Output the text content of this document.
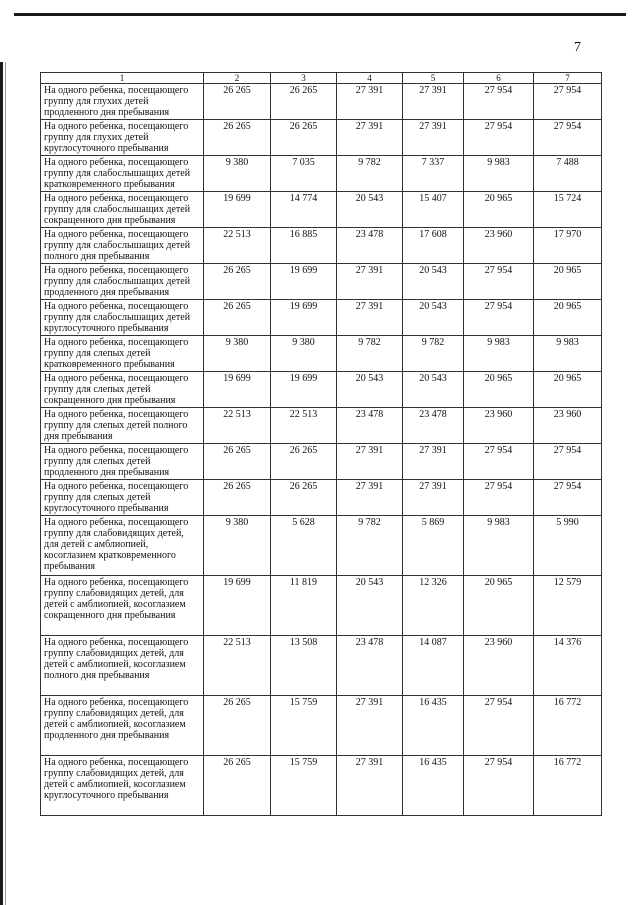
7
1	2	3	4	5	6	7
На одного ребенка, посещающего группу для глухих детей продленного дня пребывания	26 265	26 265	27 391	27 391	27 954	27 954
На одного ребенка, посещающего группу для глухих детей круглосуточного пребывания	26 265	26 265	27 391	27 391	27 954	27 954
На одного ребенка, посещающего группу для слабослышащих детей кратковременного пребывания	9 380	7 035	9 782	7 337	9 983	7 488
На одного ребенка, посещающего группу для слабослышащих детей сокращенного дня пребывания	19 699	14 774	20 543	15 407	20 965	15 724
На одного ребенка, посещающего группу для слабослышащих детей полного дня пребывания	22 513	16 885	23 478	17 608	23 960	17 970
На одного ребенка, посещающего группу для слабослышащих детей продленного дня пребывания	26 265	19 699	27 391	20 543	27 954	20 965
На одного ребенка, посещающего группу для слабослышащих детей круглосуточного пребывания	26 265	19 699	27 391	20 543	27 954	20 965
На одного ребенка, посещающего группу для слепых детей кратковременного пребывания	9 380	9 380	9 782	9 782	9 983	9 983
На одного ребенка, посещающего группу для слепых детей сокращенного дня пребывания	19 699	19 699	20 543	20 543	20 965	20 965
На одного ребенка, посещающего группу для слепых детей полного дня пребывания	22 513	22 513	23 478	23 478	23 960	23 960
На одного ребенка, посещающего группу для слепых детей продленного дня пребывания	26 265	26 265	27 391	27 391	27 954	27 954
На одного ребенка, посещающего группу для слепых детей круглосуточного пребывания	26 265	26 265	27 391	27 391	27 954	27 954
На одного ребенка, посещающего группу для слабовидящих детей, для детей с амблиопией, косоглазием кратковременного пребывания	9 380	5 628	9 782	5 869	9 983	5 990
На одного ребенка, посещающего группу слабовидящих детей, для детей с амблиопией, косоглазием сокращенного дня пребывания	19 699	11 819	20 543	12 326	20 965	12 579
На одного ребенка, посещающего группу слабовидящих детей, для детей с амблиопией, косоглазием полного дня пребывания	22 513	13 508	23 478	14 087	23 960	14 376
На одного ребенка, посещающего группу слабовидящих детей, для детей с амблиопией, косоглазием продленного дня пребывания	26 265	15 759	27 391	16 435	27 954	16 772
На одного ребенка, посещающего группу слабовидящих детей, для детей с амблиопией, косоглазием круглосуточного пребывания	26 265	15 759	27 391	16 435	27 954	16 772
